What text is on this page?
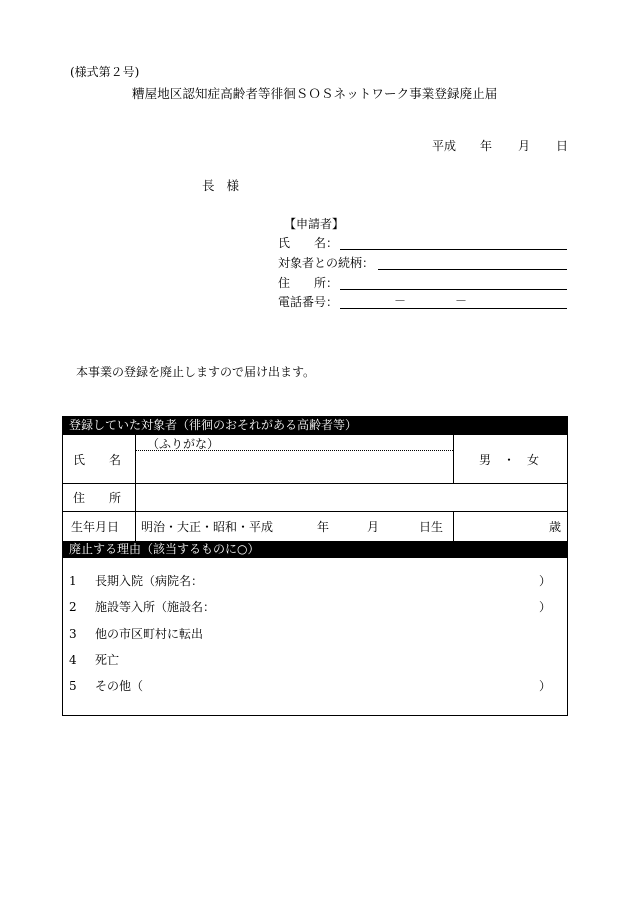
(様式第２号)
糟屋地区認知症高齢者等徘徊ＳＯＳネットワーク事業登録廃止届
平成 年 月 日
長 様
【申請者】
氏　　名：
対象者との続柄：
住　　所：
電話番号：	－	－
本事業の登録を廃止しますので届け出ます。
登録していた対象者（徘徊のおそれがある高齢者等）
（ふりがな）
氏　　名	男　・　女
住　　所
生年月日 明治・大正・昭和・平成	年	月	日生	歳
廃止する理由（該当するものに○）
1 長期入院（病院名：	）
2 施設等入所（施設名：	）
3 他の市区町村に転出
4 死亡
5 その他（	）
